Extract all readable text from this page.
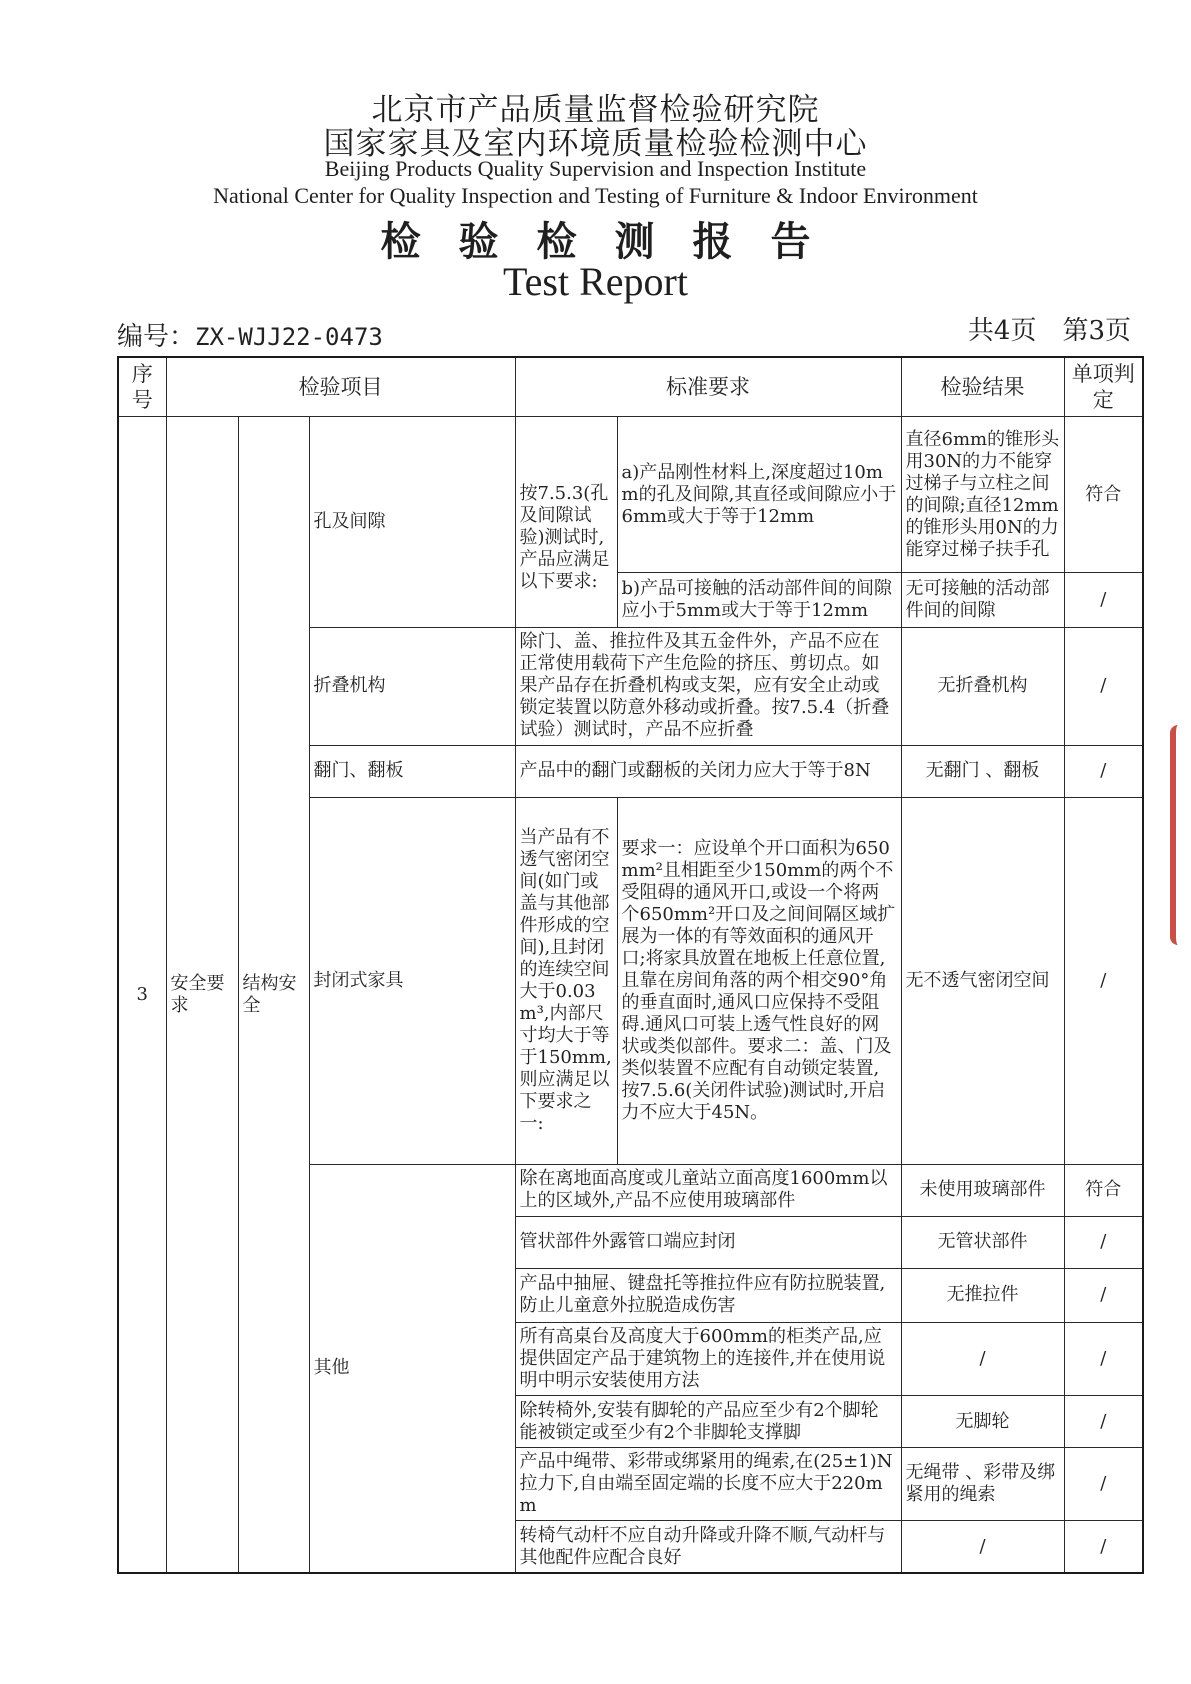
北京市产品质量监督检验研究院
国家家具及室内环境质量检验检测中心
Beijing Products Quality Supervision and Inspection Institute
National Center for Quality Inspection and Testing of Furniture & Indoor Environment
检验检测报告
Test Report
编号：ZX-WJJ22-0473	共4页　第3页
序号	检验项目			标准要求		检验结果	单项判定
3	安全要求	结构安全	孔及间隙	按7.5.3(孔及间隙试验)测试时,产品应满足以下要求:	a)产品刚性材料上,深度超过10mm的孔及间隙,其直径或间隙应小于6mm或大于等于12mm	直径6mm的锥形头用30N的力不能穿过梯子与立柱之间的间隙;直径12mm的锥形头用0N的力能穿过梯子扶手孔	符合
					b)产品可接触的活动部件间的间隙应小于5mm或大于等于12mm	无可接触的活动部件间的间隙	/
			折叠机构	除门、盖、推拉件及其五金件外，产品不应在正常使用载荷下产生危险的挤压、剪切点。如果产品存在折叠机构或支架，应有安全止动或锁定装置以防意外移动或折叠。按7.5.4（折叠试验）测试时，产品不应折叠		无折叠机构	/
			翻门、翻板	产品中的翻门或翻板的关闭力应大于等于8N		无翻门 、翻板	/
			封闭式家具	当产品有不透气密闭空间(如门或盖与其他部件形成的空间),且封闭的连续空间大于0.03m³,内部尺寸均大于等于150mm,则应满足以下要求之一:	要求一：应设单个开口面积为650mm²且相距至少150mm的两个不受阻碍的通风开口,或设一个将两个650mm²开口及之间间隔区域扩展为一体的有等效面积的通风开口;将家具放置在地板上任意位置,且靠在房间角落的两个相交90°角的垂直面时,通风口应保持不受阻碍.通风口可装上透气性良好的网状或类似部件。要求二：盖、门及类似装置不应配有自动锁定装置,按7.5.6(关闭件试验)测试时,开启力不应大于45N。	无不透气密闭空间	/
			其他	除在离地面高度或儿童站立面高度1600mm以上的区域外,产品不应使用玻璃部件		未使用玻璃部件	符合
				管状部件外露管口端应封闭		无管状部件	/
				产品中抽屉、键盘托等推拉件应有防拉脱装置,防止儿童意外拉脱造成伤害		无推拉件	/
				所有高桌台及高度大于600mm的柜类产品,应提供固定产品于建筑物上的连接件,并在使用说明中明示安装使用方法		/	/
				除转椅外,安装有脚轮的产品应至少有2个脚轮能被锁定或至少有2个非脚轮支撑脚		无脚轮	/
				产品中绳带、彩带或绑紧用的绳索,在(25±1)N拉力下,自由端至固定端的长度不应大于220mm		无绳带 、彩带及绑紧用的绳索	/
				转椅气动杆不应自动升降或升降不顺,气动杆与其他配件应配合良好		/	/
